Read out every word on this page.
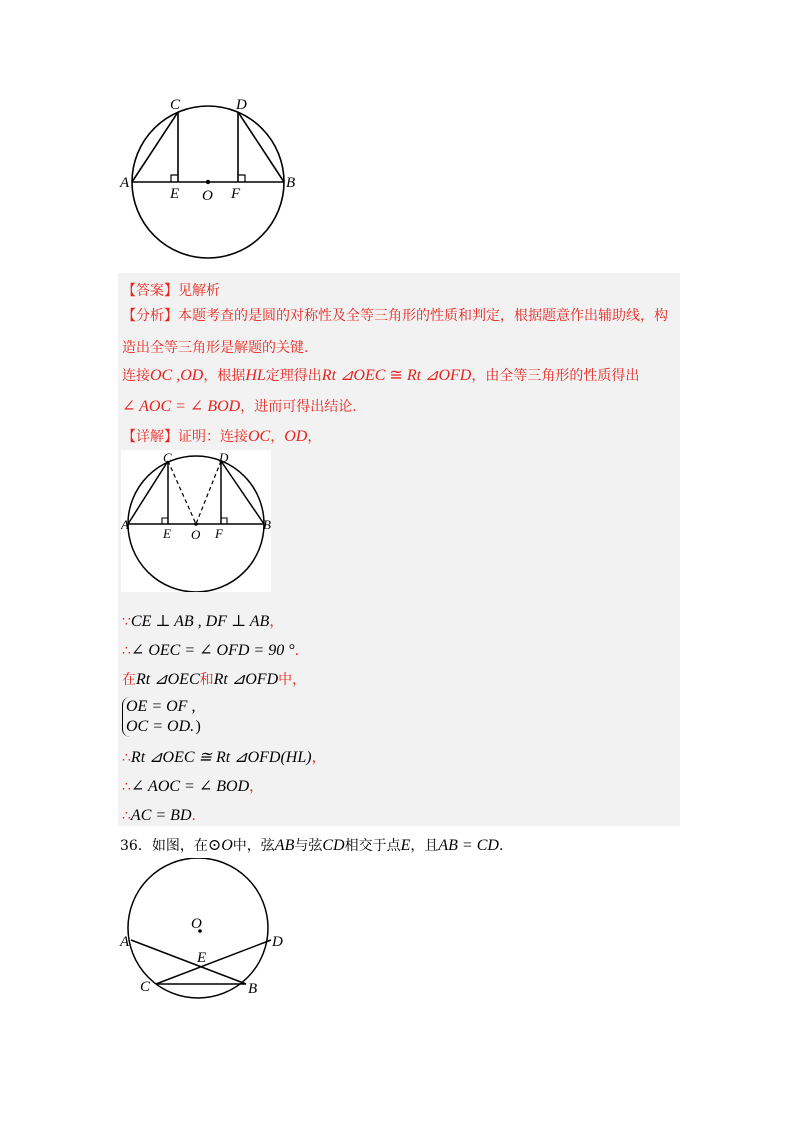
C	D
A	B
E O F
【答案】见解析
【分析】本题考查的是圆的对称性及全等三角形的性质和判定，根据题意作出辅助线，构
造出全等三角形是解题的关键.
连接OC ,OD，根据HL定理得出Rt ⊿OEC ≅ Rt ⊿OFD，由全等三角形的性质得出
∠ AOC = ∠ BOD，进而可得出结论.
【详解】证明：连接OC，OD，
C	D
A	B
E O F
∵CE ⊥ AB , DF ⊥ AB，
∴∠ OEC = ∠ OFD = 90 °.
在Rt ⊿OEC和Rt ⊿OFD中，
OE = OF ,
OC = OD.)
∴Rt ⊿OEC ≅ Rt ⊿OFD(HL)，
∴∠ AOC = ∠ BOD，
∴AC = BD.
36．如图，在⊙O中，弦AB与弦CD相交于点E，且AB = CD.
O
A	D
E
C	B
